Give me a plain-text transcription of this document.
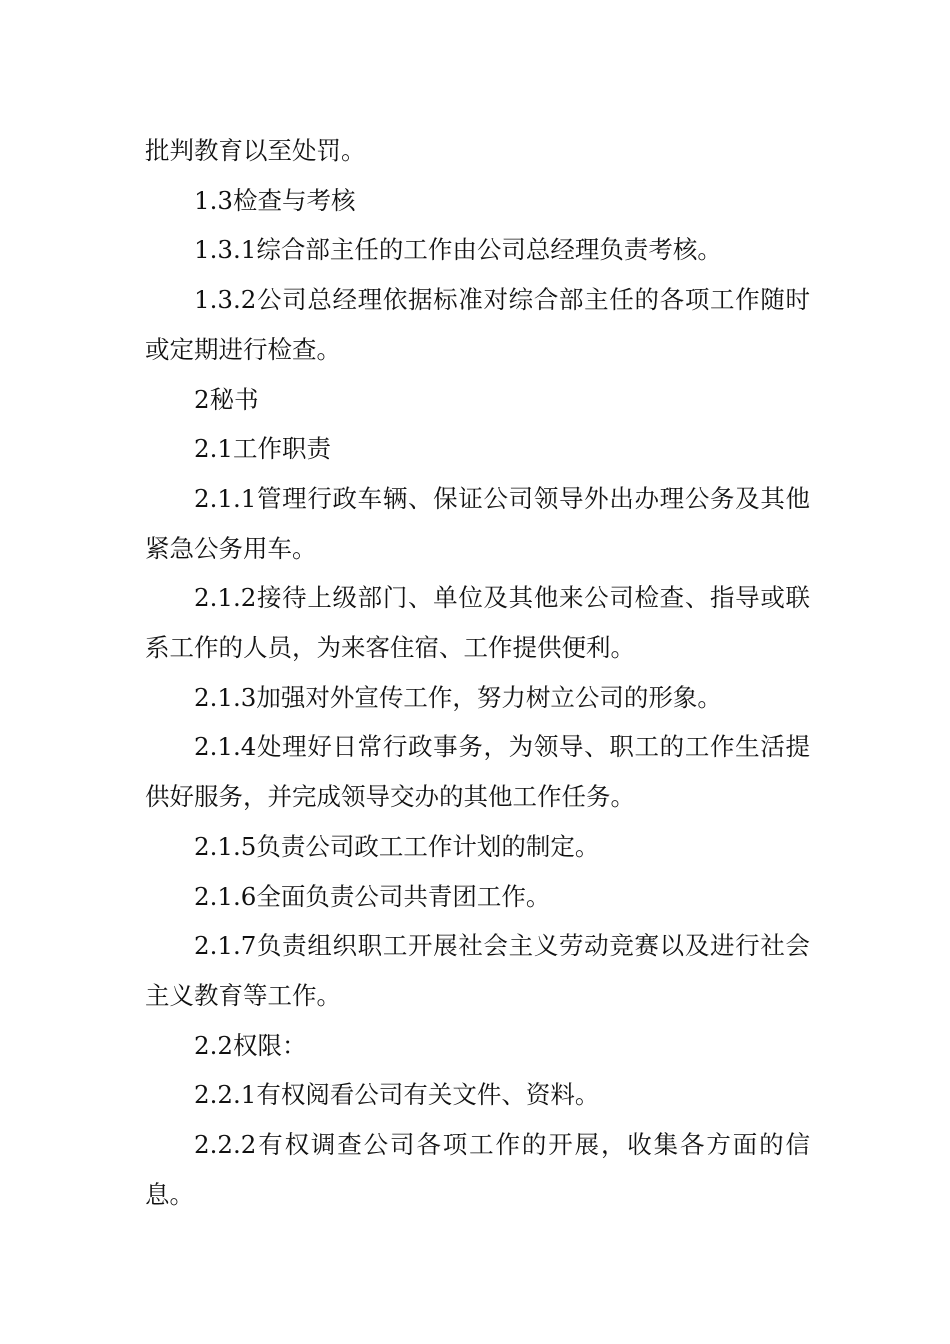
批判教育以至处罚。

1.3检查与考核

1.3.1综合部主任的工作由公司总经理负责考核。

1.3.2公司总经理依据标准对综合部主任的各项工作随时或定期进行检查。

2秘书

2.1工作职责

2.1.1管理行政车辆、保证公司领导外出办理公务及其他紧急公务用车。

2.1.2接待上级部门、单位及其他来公司检查、指导或联系工作的人员，为来客住宿、工作提供便利。

2.1.3加强对外宣传工作，努力树立公司的形象。

2.1.4处理好日常行政事务，为领导、职工的工作生活提供好服务，并完成领导交办的其他工作任务。

2.1.5负责公司政工工作计划的制定。

2.1.6全面负责公司共青团工作。

2.1.7负责组织职工开展社会主义劳动竞赛以及进行社会主义教育等工作。

2.2权限：

2.2.1有权阅看公司有关文件、资料。

2.2.2有权调查公司各项工作的开展，收集各方面的信息。
